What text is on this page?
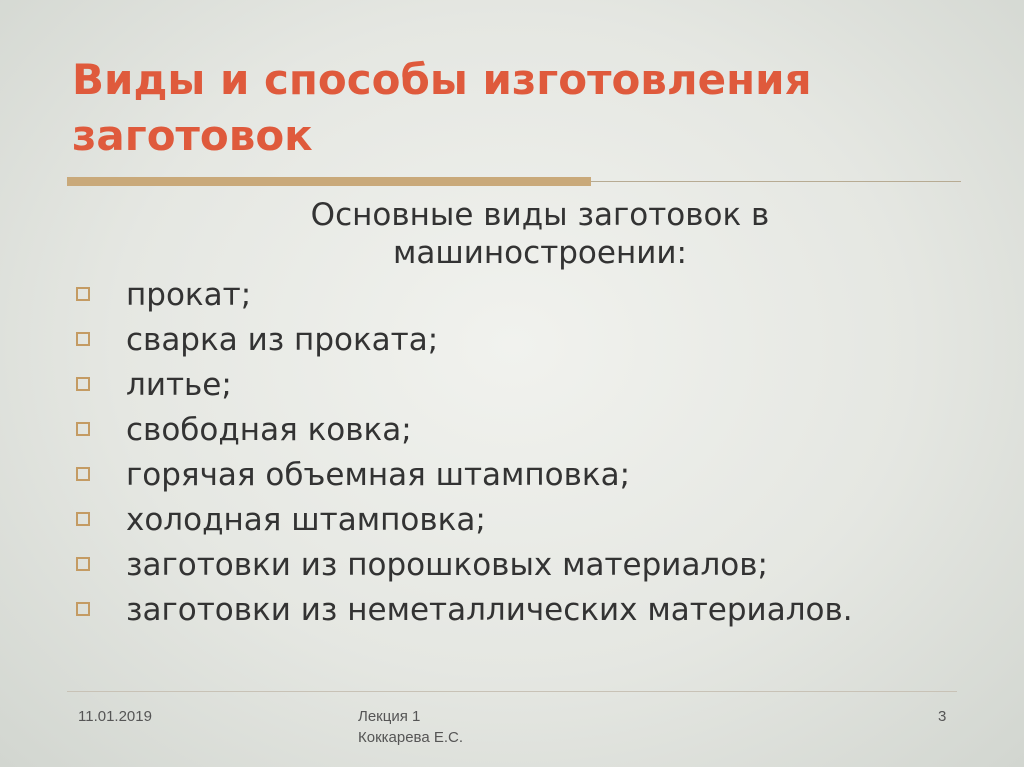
Виды и способы изготовления заготовок

Основные виды заготовок в машиностроении:

прокат;
сварка из проката;
литье;
свободная ковка;
горячая объемная штамповка;
холодная штамповка;
заготовки из порошковых материалов;
заготовки из неметаллических материалов.
11.01.2019	Лекция 1
Коккарева Е.С.
3
